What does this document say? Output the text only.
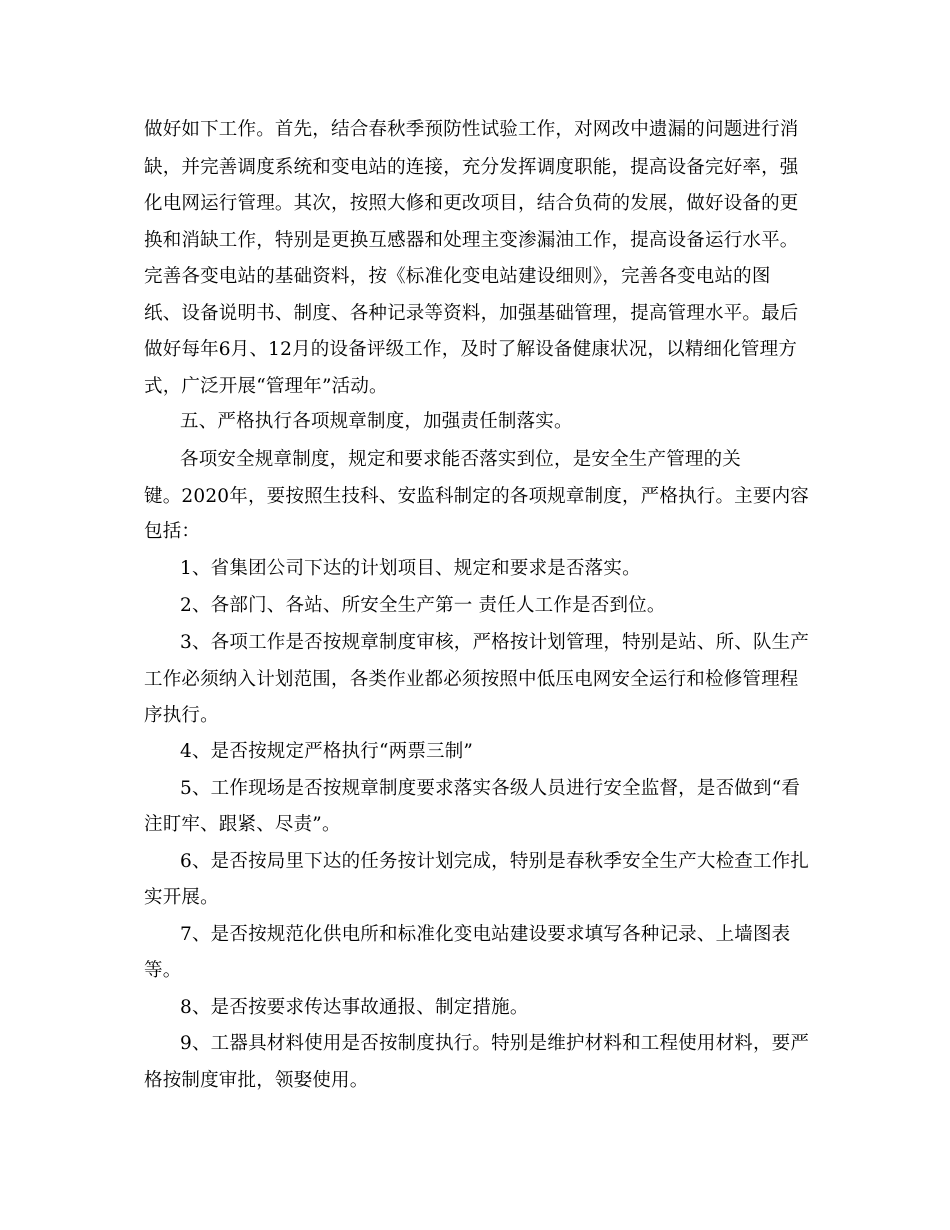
做好如下工作。首先，结合春秋季预防性试验工作，对网改中遗漏的问题进行消
缺，并完善调度系统和变电站的连接，充分发挥调度职能，提高设备完好率，强
化电网运行管理。其次，按照大修和更改项目，结合负荷的发展，做好设备的更
换和消缺工作，特别是更换互感器和处理主变渗漏油工作，提高设备运行水平。
完善各变电站的基础资料，按《标准化变电站建设细则》，完善各变电站的图
纸、设备说明书、制度、各种记录等资料，加强基础管理，提高管理水平。最后
做好每年6月、12月的设备评级工作，及时了解设备健康状况，以精细化管理方
式，广泛开展“管理年”活动。
五、严格执行各项规章制度，加强责任制落实。
各项安全规章制度，规定和要求能否落实到位，是安全生产管理的关
键。2020年，要按照生技科、安监科制定的各项规章制度，严格执行。主要内容
包括：
1、省集团公司下达的计划项目、规定和要求是否落实。
2、各部门、各站、所安全生产第一 责任人工作是否到位。
3、各项工作是否按规章制度审核，严格按计划管理，特别是站、所、队生产
工作必须纳入计划范围，各类作业都必须按照中低压电网安全运行和检修管理程
序执行。
4、是否按规定严格执行“两票三制”
5、工作现场是否按规章制度要求落实各级人员进行安全监督，是否做到“看
注盯牢、跟紧、尽责”。
6、是否按局里下达的任务按计划完成，特别是春秋季安全生产大检查工作扎
实开展。
7、是否按规范化供电所和标准化变电站建设要求填写各种记录、上墙图表
等。
8、是否按要求传达事故通报、制定措施。
9、工器具材料使用是否按制度执行。特别是维护材料和工程使用材料，要严
格按制度审批，领娶使用。
